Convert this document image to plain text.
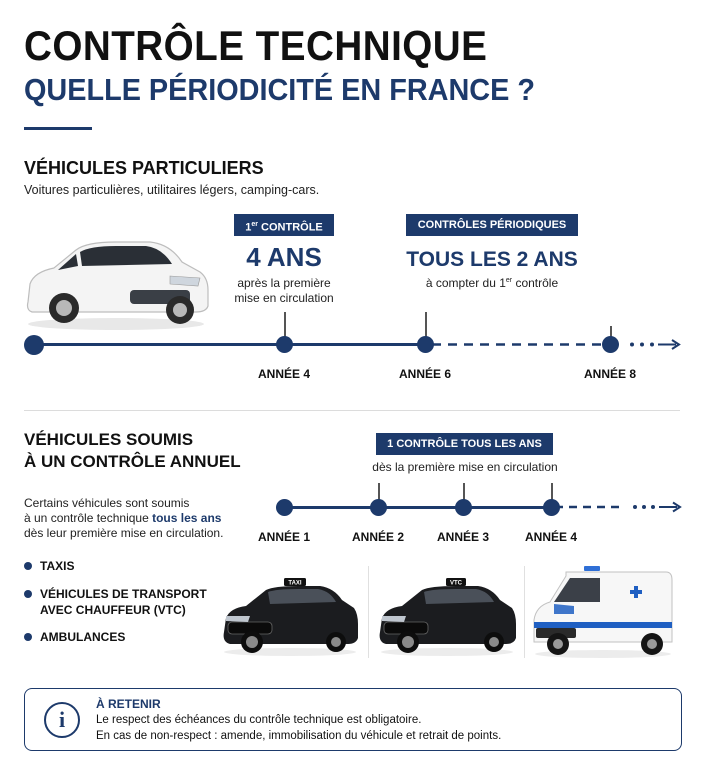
CONTRÔLE TECHNIQUE
QUELLE PÉRIODICITÉ EN FRANCE ?
VÉHICULES PARTICULIERS
Voitures particulières, utilitaires légers, camping-cars.
1er CONTRÔLE
4 ANS
après la première
mise en circulation
CONTRÔLES PÉRIODIQUES
TOUS LES 2 ANS
à compter du 1er contrôle
ANNÉE 4	ANNÉE 6	ANNÉE 8
VÉHICULES SOUMIS
À UN CONTRÔLE ANNUEL
1 CONTRÔLE TOUS LES ANS
dès la première mise en circulation
Certains véhicules sont soumis
à un contrôle technique tous les ans
dès leur première mise en circulation.	ANNÉE 1	ANNÉE 2	ANNÉE 3	ANNÉE 4
TAXIS
VÉHICULES DE TRANSPORT
AVEC CHAUFFEUR (VTC)
AMBULANCES
TAXI	VTC
i
À RETENIR
Le respect des échéances du contrôle technique est obligatoire.
En cas de non-respect : amende, immobilisation du véhicule et retrait de points.
